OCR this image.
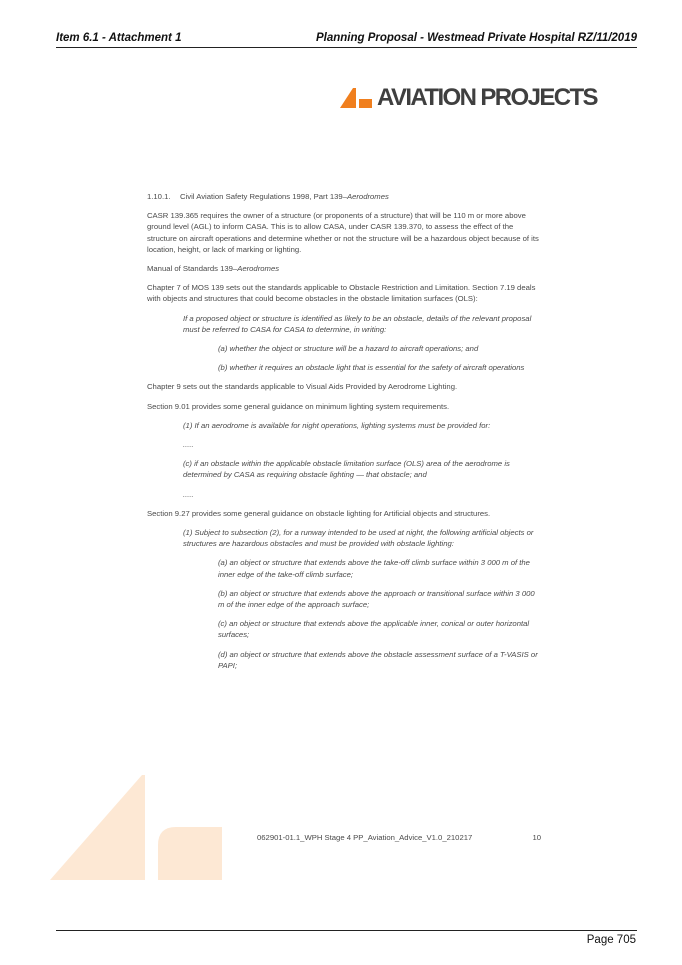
Item 6.1 - Attachment 1	Planning Proposal - Westmead Private Hospital RZ/11/2019
AVIATION PROJECTS

1.10.1. Civil Aviation Safety Regulations 1998, Part 139–Aerodromes

CASR 139.365 requires the owner of a structure (or proponents of a structure) that will be 110 m or more above ground level (AGL) to inform CASA. This is to allow CASA, under CASR 139.370, to assess the effect of the structure on aircraft operations and determine whether or not the structure will be a hazardous object because of its location, height, or lack of marking or lighting.

Manual of Standards 139–Aerodromes

Chapter 7 of MOS 139 sets out the standards applicable to Obstacle Restriction and Limitation. Section 7.19 deals with objects and structures that could become obstacles in the obstacle limitation surfaces (OLS):

If a proposed object or structure is identified as likely to be an obstacle, details of the relevant proposal must be referred to CASA for CASA to determine, in writing:

(a) whether the object or structure will be a hazard to aircraft operations; and

(b) whether it requires an obstacle light that is essential for the safety of aircraft operations

Chapter 9 sets out the standards applicable to Visual Aids Provided by Aerodrome Lighting.

Section 9.01 provides some general guidance on minimum lighting system requirements.

(1) If an aerodrome is available for night operations, lighting systems must be provided for:

.....

(c) if an obstacle within the applicable obstacle limitation surface (OLS) area of the aerodrome is determined by CASA as requiring obstacle lighting — that obstacle; and

.....

Section 9.27 provides some general guidance on obstacle lighting for Artificial objects and structures.

(1) Subject to subsection (2), for a runway intended to be used at night, the following artificial objects or structures are hazardous obstacles and must be provided with obstacle lighting:

(a) an object or structure that extends above the take-off climb surface within 3 000 m of the inner edge of the take-off climb surface;

(b) an object or structure that extends above the approach or transitional surface within 3 000 m of the inner edge of the approach surface;

(c) an object or structure that extends above the applicable inner, conical or outer horizontal surfaces;

(d) an object or structure that extends above the obstacle assessment surface of a T-VASIS or PAPI;

062901-01.1_WPH Stage 4 PP_Aviation_Advice_V1.0_210217	10
Page 705
